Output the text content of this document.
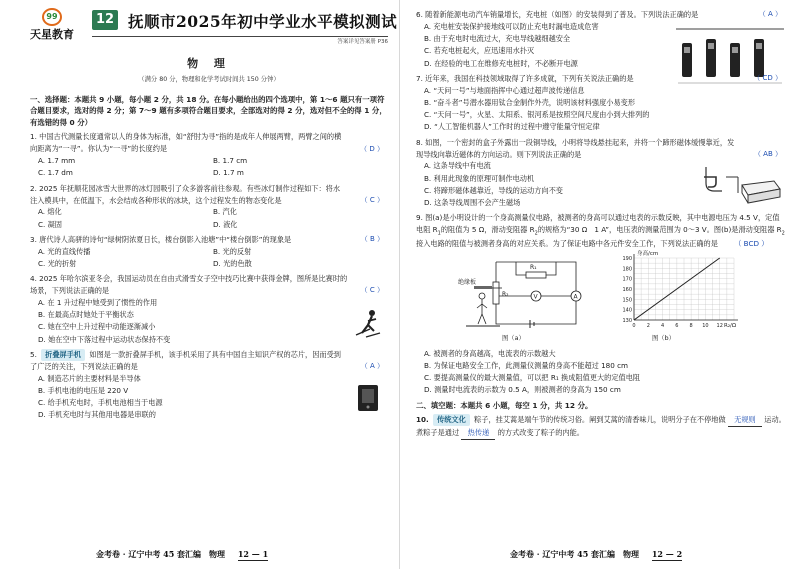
99
天星教育
12 抚顺市2025年初中学业水平模拟测试
答案详见答案册 P36
物 理
（满分 80 分，物理和化学考试时间共 150 分钟）
一、选择题：本题共 9 小题，每小题 2 分，共 18 分。在每小题给出的四个选项中，第 1～6 题只有一项符合题目要求，选对的得 2 分；第 7～9 题有多项符合题目要求，全部选对的得 2 分，选对但不全的得 1 分，有选错的得 0 分）
1. 中国古代测量长度通常以人的身体为标准，如“舒肘为寻”指的是成年人伸展两臂，两臂之间的横向距离为“一寻”。你认为“一寻”的长度约是	（ D ）
A. 1.7 mm	B. 1.7 cm
C. 1.7 dm	D. 1.7 m
2. 2025 年抚顺花园冰雪大世界的冰灯园吸引了众多游客前往参观。有些冰灯制作过程如下：将水注入模具中，在低温下，水会结成各种形状的冰块，这个过程发生的物态变化是	（ C ）
A. 熔化	B. 汽化
C. 凝固	D. 液化
3. 唐代诗人高骈的诗句“绿树阴浓夏日长，楼台倒影入池塘”中“楼台倒影”的现象是	（ B ）
A. 光的直线传播	B. 光的反射
C. 光的折射	D. 光的色散
4. 2025 年哈尔滨亚冬会，我国运动员在自由式滑雪女子空中技巧比赛中获得金牌，图所是比赛时的场景，下列说法正确的是	（ C ）
A. 在 1 升过程中她受到了惯性的作用
B. 在最高点时她处于平衡状态
C. 她在空中上升过程中动能逐渐减小
D. 她在空中下落过程中运动状态保持不变
5. 折叠屏手机 如图是一款折叠屏手机，该手机采用了具有中国自主知识产权的芯片，因而受到了广泛的关注，下列说法正确的是	（ A ）
A. 制造芯片的主要材料是半导体
B. 手机电池的电压是 220 V
C. 给手机充电时，手机电池相当于电源
D. 手机充电时与其他用电器是串联的
金考卷 · 辽宁中考 45 套汇编　物理 12 — 1
6. 随着新能源电动汽车销量增长，充电桩（如图）的安装得到了普及。下列说法正确的是	（ A ）
A. 充电桩安装保护接地线可以防止充电时漏电造成危害
B. 由于充电时电流过大，充电导线越细越安全
C. 若充电桩起火，应迅速用水扑灭
D. 在经验的电工在维修充电桩时，不必断开电源
7. 近年来，我国在科技领域取得了许多成就，下列有关说法正确的是	（ CD ）
A. “天问一号”与地面指挥中心通过超声波传递信息
B. “奋斗者”号潜水器用钛合金制作外壳，说明该材料强度小易变形
C. “天问一号”，火星、太阳系、银河系是按照空间尺度由小到大排列的
D. “人工智能机器人”工作时的过程中遵守能量守恒定律
8. 如图，一个密封的盒子外露出一段铜导线，小明将导线悬挂起来，并将一个蹄形磁体缓慢靠近，发现导线向靠近磁体的方向运动。则下列说法正确的是	（ AB ）
A. 这条导线中有电流
B. 利用此现象的原理可制作电动机
C. 将蹄形磁体越靠近，导线的运动方向不变
D. 这条导线周围不会产生磁场
9. 图(a)是小明设计的一个身高测量仪电路，被测者的身高可以通过电表的示数反映，其中电源电压为 4.5 V，定值电阻 $R_1$的阻值为 5 Ω，滑动变阻器 $R_2$的规格为“30 Ω　1 A”，电压表的测量范围为 0～3 V。图(b)是滑动变阻器 $R_2$接入电路的阻值与被测者身高的对应关系。为了保证电路中各元件安全工作，下列说法正确的是 （ BCD ）
绝缘板
R₂
R₁
V	A
图（a）
190
180
170
160
150
140
130
0 2 4 6 8 10 12
身高/cm
R₂/Ω
图（b）
A. 被测者的身高越高，电流表的示数越大
B. 为保证电路安全工作，此测量仪测量的身高不能超过 180 cm
C. 要提高测量仪的最大测量值，可以把 R₁ 换成阻值更大的定值电阻
D. 测量时电流表的示数为 0.5 A，则被测者的身高为 150 cm
二、填空题：本题共 6 小题，每空 1 分，共 12 分。
10. 传统文化 粽子，挂艾蒿是端午节的传统习俗。阐到艾蒿的清香味儿，说明分子在不停地做 无规则 运动。煮粽子是通过 热传递 的方式改变了粽子的内能。
金考卷 · 辽宁中考 45 套汇编　物理 12 — 2
